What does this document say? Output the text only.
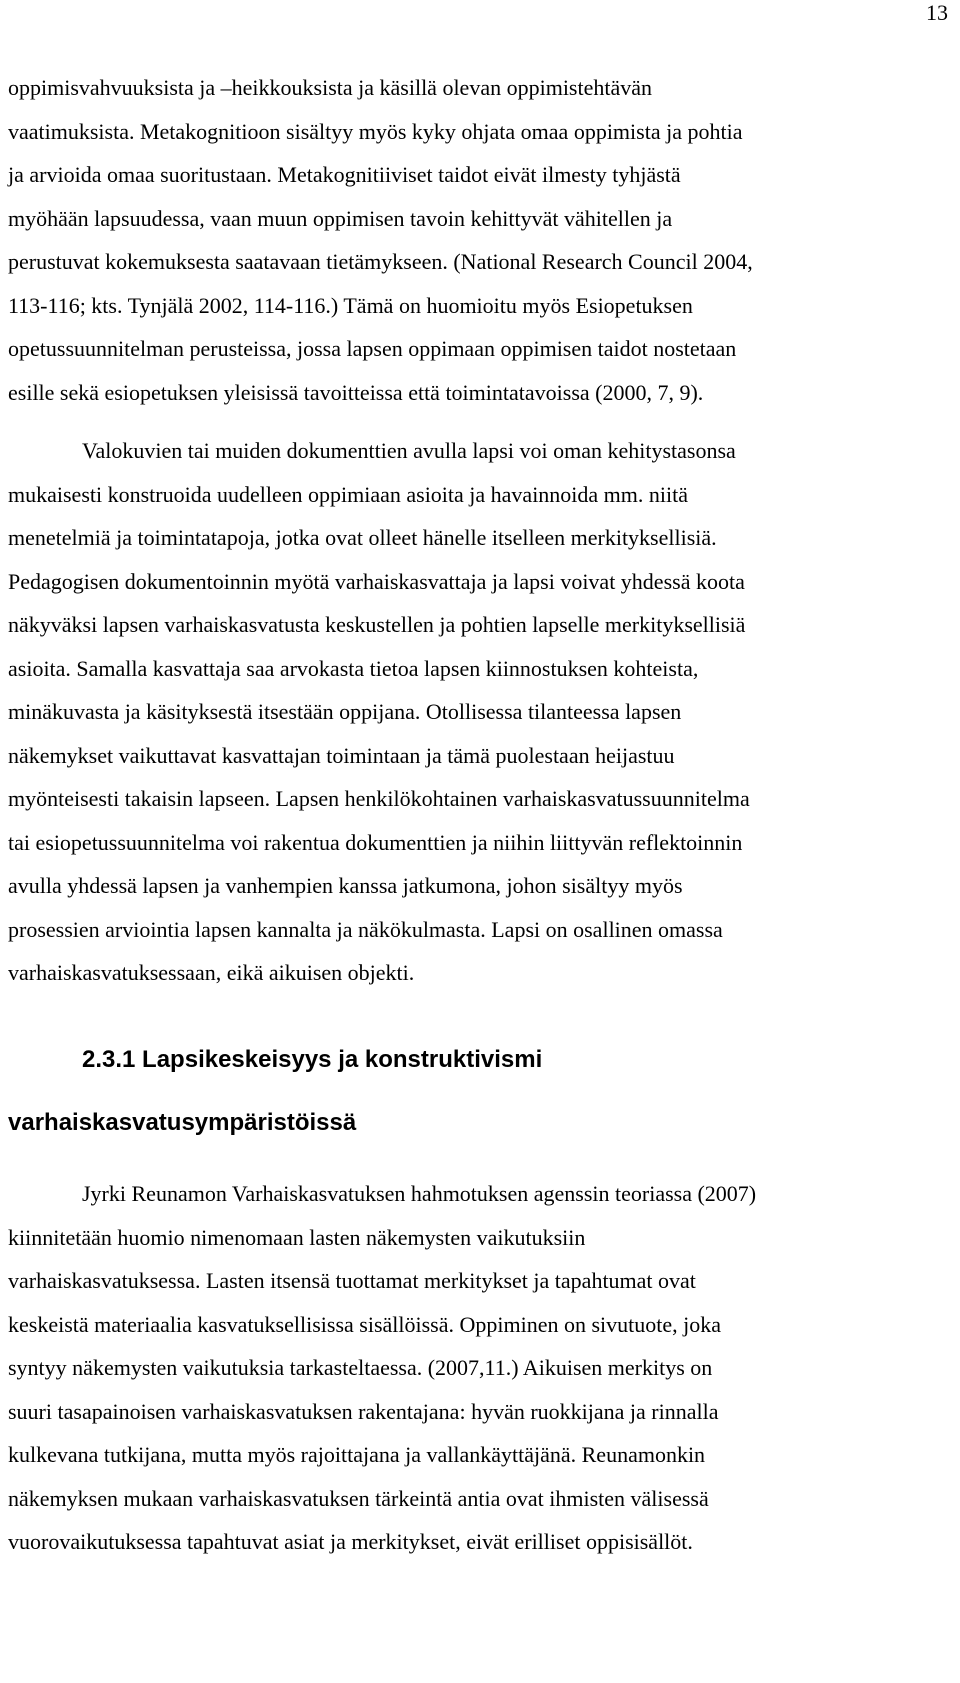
13
oppimisvahvuuksista ja –heikkouksista ja käsillä olevan oppimistehtävän
vaatimuksista. Metakognitioon sisältyy myös kyky ohjata omaa oppimista ja pohtia
ja arvioida omaa suoritustaan. Metakognitiiviset taidot eivät ilmesty tyhjästä
myöhään lapsuudessa, vaan muun oppimisen tavoin kehittyvät vähitellen ja
perustuvat kokemuksesta saatavaan tietämykseen. (National Research Council 2004,
113-116; kts. Tynjälä 2002, 114-116.) Tämä on huomioitu myös Esiopetuksen
opetussuunnitelman perusteissa, jossa lapsen oppimaan oppimisen taidot nostetaan
esille sekä esiopetuksen yleisissä tavoitteissa että toimintatavoissa (2000, 7, 9).
Valokuvien tai muiden dokumenttien avulla lapsi voi oman kehitystasonsa
mukaisesti konstruoida uudelleen oppimiaan asioita ja havainnoida mm. niitä
menetelmiä ja toimintatapoja, jotka ovat olleet hänelle itselleen merkityksellisiä.
Pedagogisen dokumentoinnin myötä varhaiskasvattaja ja lapsi voivat yhdessä koota
näkyväksi lapsen varhaiskasvatusta keskustellen ja pohtien lapselle merkityksellisiä
asioita. Samalla kasvattaja saa arvokasta tietoa lapsen kiinnostuksen kohteista,
minäkuvasta ja käsityksestä itsestään oppijana. Otollisessa tilanteessa lapsen
näkemykset vaikuttavat kasvattajan toimintaan ja tämä puolestaan heijastuu
myönteisesti takaisin lapseen. Lapsen henkilökohtainen varhaiskasvatussuunnitelma
tai esiopetussuunnitelma voi rakentua dokumenttien ja niihin liittyvän reflektoinnin
avulla yhdessä lapsen ja vanhempien kanssa jatkumona, johon sisältyy myös
prosessien arviointia lapsen kannalta ja näkökulmasta. Lapsi on osallinen omassa
varhaiskasvatuksessaan, eikä aikuisen objekti.
2.3.1 Lapsikeskeisyys ja konstruktivismi
varhaiskasvatusympäristöissä
Jyrki Reunamon Varhaiskasvatuksen hahmotuksen agenssin teoriassa (2007)
kiinnitetään huomio nimenomaan lasten näkemysten vaikutuksiin
varhaiskasvatuksessa. Lasten itsensä tuottamat merkitykset ja tapahtumat ovat
keskeistä materiaalia kasvatuksellisissa sisällöissä. Oppiminen on sivutuote, joka
syntyy näkemysten vaikutuksia tarkasteltaessa. (2007,11.) Aikuisen merkitys on
suuri tasapainoisen varhaiskasvatuksen rakentajana: hyvän ruokkijana ja rinnalla
kulkevana tutkijana, mutta myös rajoittajana ja vallankäyttäjänä. Reunamonkin
näkemyksen mukaan varhaiskasvatuksen tärkeintä antia ovat ihmisten välisessä
vuorovaikutuksessa tapahtuvat asiat ja merkitykset, eivät erilliset oppisisällöt.
